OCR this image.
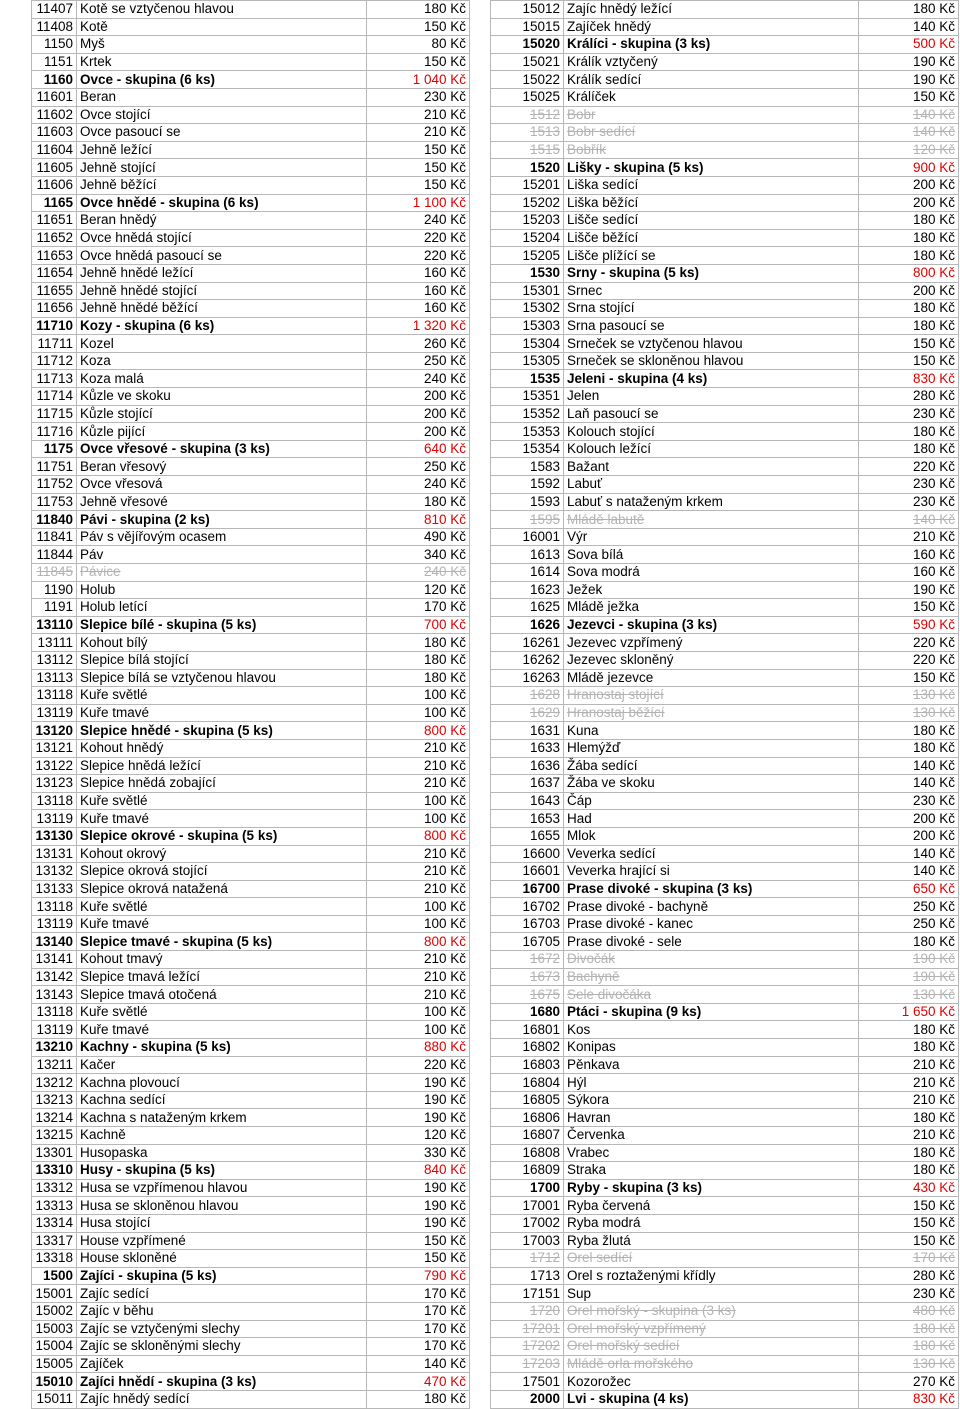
11407	Kotě se vztyčenou hlavou	180 Kč
11408	Kotě	150 Kč
1150	Myš	80 Kč
1151	Krtek	150 Kč
1160	Ovce - skupina (6 ks)	1 040 Kč
11601	Beran	230 Kč
11602	Ovce stojící	210 Kč
11603	Ovce pasoucí se	210 Kč
11604	Jehně ležící	150 Kč
11605	Jehně stojící	150 Kč
11606	Jehně běžící	150 Kč
1165	Ovce hnědé - skupina (6 ks)	1 100 Kč
11651	Beran hnědý	240 Kč
11652	Ovce hnědá stojící	220 Kč
11653	Ovce hnědá pasoucí se	220 Kč
11654	Jehně hnědé ležící	160 Kč
11655	Jehně hnědé stojící	160 Kč
11656	Jehně hnědé běžící	160 Kč
11710	Kozy - skupina (6 ks)	1 320 Kč
11711	Kozel	260 Kč
11712	Koza	250 Kč
11713	Koza malá	240 Kč
11714	Kůzle ve skoku	200 Kč
11715	Kůzle stojící	200 Kč
11716	Kůzle pijící	200 Kč
1175	Ovce vřesové - skupina (3 ks)	640 Kč
11751	Beran vřesový	250 Kč
11752	Ovce vřesová	240 Kč
11753	Jehně vřesové	180 Kč
11840	Pávi - skupina (2 ks)	810 Kč
11841	Páv s vějířovým ocasem	490 Kč
11844	Páv	340 Kč
11845	Pávice	240 Kč
1190	Holub	120 Kč
1191	Holub letící	170 Kč
13110	Slepice bílé - skupina (5 ks)	700 Kč
13111	Kohout bílý	180 Kč
13112	Slepice bílá stojící	180 Kč
13113	Slepice bílá se vztyčenou hlavou	180 Kč
13118	Kuře světlé	100 Kč
13119	Kuře tmavé	100 Kč
13120	Slepice hnědé - skupina (5 ks)	800 Kč
13121	Kohout hnědý	210 Kč
13122	Slepice hnědá ležící	210 Kč
13123	Slepice hnědá zobající	210 Kč
13118	Kuře světlé	100 Kč
13119	Kuře tmavé	100 Kč
13130	Slepice okrové - skupina (5 ks)	800 Kč
13131	Kohout okrový	210 Kč
13132	Slepice okrová stojící	210 Kč
13133	Slepice okrová natažená	210 Kč
13118	Kuře světlé	100 Kč
13119	Kuře tmavé	100 Kč
13140	Slepice tmavé - skupina (5 ks)	800 Kč
13141	Kohout tmavý	210 Kč
13142	Slepice tmavá ležící	210 Kč
13143	Slepice tmavá otočená	210 Kč
13118	Kuře světlé	100 Kč
13119	Kuře tmavé	100 Kč
13210	Kachny - skupina (5 ks)	880 Kč
13211	Kačer	220 Kč
13212	Kachna plovoucí	190 Kč
13213	Kachna sedící	190 Kč
13214	Kachna s nataženým krkem	190 Kč
13215	Kachně	120 Kč
13301	Husopaska	330 Kč
13310	Husy - skupina (5 ks)	840 Kč
13312	Husa se vzpřímenou hlavou	190 Kč
13313	Husa se skloněnou hlavou	190 Kč
13314	Husa stojící	190 Kč
13317	House vzpřímené	150 Kč
13318	House skloněné	150 Kč
1500	Zajíci - skupina (5 ks)	790 Kč
15001	Zajíc sedící	170 Kč
15002	Zajíc v běhu	170 Kč
15003	Zajíc se vztyčenými slechy	170 Kč
15004	Zajíc se skloněnými slechy	170 Kč
15005	Zajíček	140 Kč
15010	Zajíci hnědí - skupina (3 ks)	470 Kč
15011	Zajíc hnědý sedící	180 Kč
15012	Zajíc hnědý ležící	180 Kč
15015	Zajíček hnědý	140 Kč
15020	Králíci - skupina (3 ks)	500 Kč
15021	Králík vztyčený	190 Kč
15022	Králík sedící	190 Kč
15025	Králíček	150 Kč
1512	Bobr	140 Kč
1513	Bobr sedící	140 Kč
1515	Bobřík	120 Kč
1520	Lišky - skupina (5 ks)	900 Kč
15201	Liška sedící	200 Kč
15202	Liška běžící	200 Kč
15203	Lišče sedící	180 Kč
15204	Lišče běžící	180 Kč
15205	Lišče plížící se	180 Kč
1530	Srny - skupina (5 ks)	800 Kč
15301	Srnec	200 Kč
15302	Srna stojící	180 Kč
15303	Srna pasoucí se	180 Kč
15304	Srneček se vztyčenou hlavou	150 Kč
15305	Srneček se skloněnou hlavou	150 Kč
1535	Jeleni - skupina (4 ks)	830 Kč
15351	Jelen	280 Kč
15352	Laň pasoucí se	230 Kč
15353	Kolouch stojící	180 Kč
15354	Kolouch ležící	180 Kč
1583	Bažant	220 Kč
1592	Labuť	230 Kč
1593	Labuť s nataženým krkem	230 Kč
1595	Mládě labutě	140 Kč
16001	Výr	210 Kč
1613	Sova bílá	160 Kč
1614	Sova modrá	160 Kč
1623	Ježek	190 Kč
1625	Mládě ježka	150 Kč
1626	Jezevci - skupina (3 ks)	590 Kč
16261	Jezevec vzpřímený	220 Kč
16262	Jezevec skloněný	220 Kč
16263	Mládě jezevce	150 Kč
1628	Hranostaj stojící	130 Kč
1629	Hranostaj běžící	130 Kč
1631	Kuna	180 Kč
1633	Hlemýžď	180 Kč
1636	Žába sedící	140 Kč
1637	Žába ve skoku	140 Kč
1643	Čáp	230 Kč
1653	Had	200 Kč
1655	Mlok	200 Kč
16600	Veverka sedící	140 Kč
16601	Veverka hrající si	140 Kč
16700	Prase divoké - skupina (3 ks)	650 Kč
16702	Prase divoké - bachyně	250 Kč
16703	Prase divoké - kanec	250 Kč
16705	Prase divoké - sele	180 Kč
1672	Divočák	190 Kč
1673	Bachyně	190 Kč
1675	Sele divočáka	130 Kč
1680	Ptáci - skupina (9 ks)	1 650 Kč
16801	Kos	180 Kč
16802	Konipas	180 Kč
16803	Pěnkava	210 Kč
16804	Hýl	210 Kč
16805	Sýkora	210 Kč
16806	Havran	180 Kč
16807	Červenka	210 Kč
16808	Vrabec	180 Kč
16809	Straka	180 Kč
1700	Ryby - skupina (3 ks)	430 Kč
17001	Ryba červená	150 Kč
17002	Ryba modrá	150 Kč
17003	Ryba žlutá	150 Kč
1712	Orel sedící	170 Kč
1713	Orel s roztaženými křídly	280 Kč
17151	Sup	230 Kč
1720	Orel mořský - skupina (3 ks)	480 Kč
17201	Orel mořský vzpřímený	180 Kč
17202	Orel mořský sedící	180 Kč
17203	Mládě orla mořského	130 Kč
17501	Kozorožec	270 Kč
2000	Lvi - skupina (4 ks)	830 Kč
